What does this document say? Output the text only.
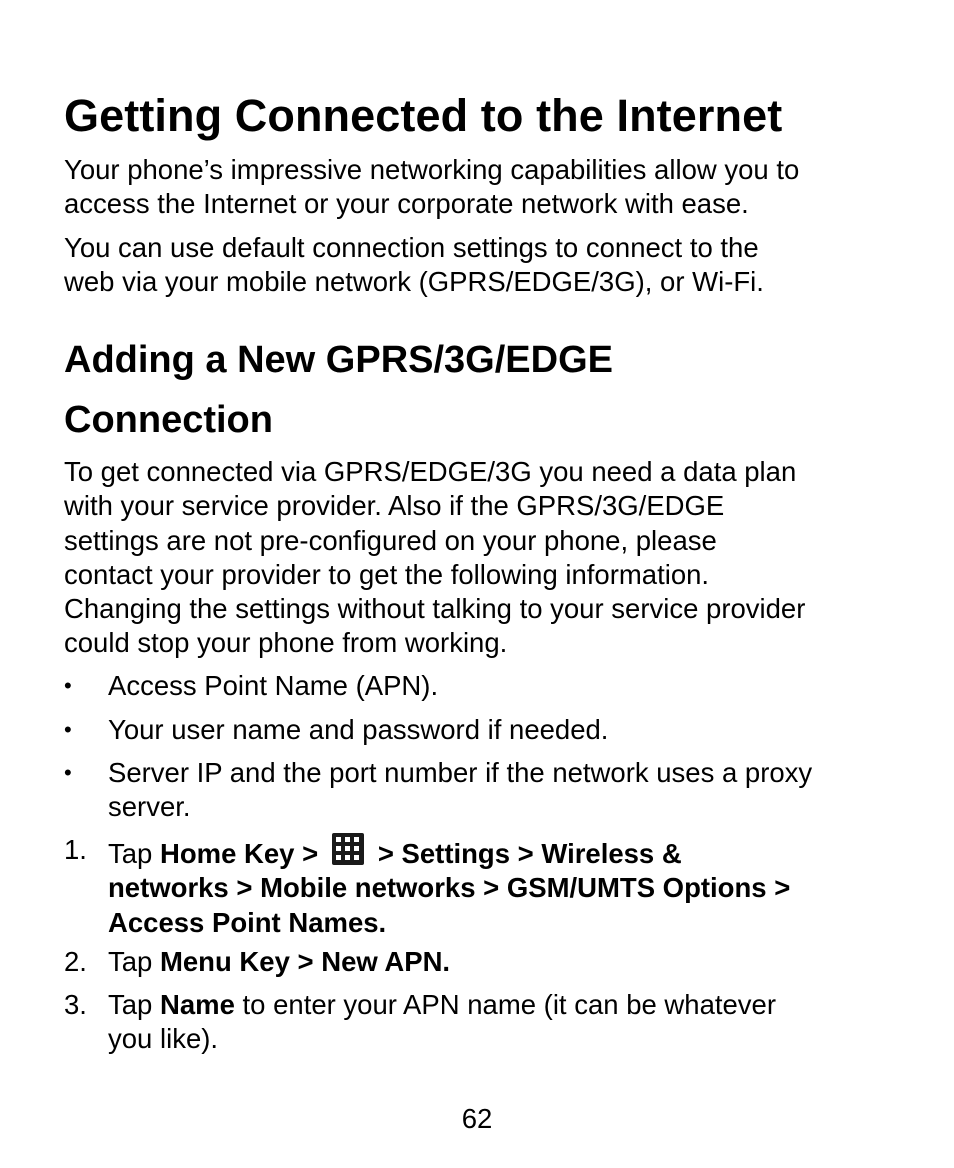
Getting Connected to the Internet

Your phone’s impressive networking capabilities allow you to
access the Internet or your corporate network with ease.

You can use default connection settings to connect to the
web via your mobile network (GPRS/EDGE/3G), or Wi-Fi.

Adding a New GPRS/3G/EDGE
Connection

To get connected via GPRS/EDGE/3G you need a data plan
with your service provider. Also if the GPRS/3G/EDGE
settings are not pre-configured on your phone, please
contact your provider to get the following information.
Changing the settings without talking to your service provider
could stop your phone from working.

• Access Point Name (APN).
• Your user name and password if needed.
• Server IP and the port number if the network uses a proxy
server.
1. Tap Home Key >
> Settings > Wireless &
networks > Mobile networks > GSM/UMTS Options >
Access Point Names.
2. Tap Menu Key > New APN.
3. Tap Name to enter your APN name (it can be whatever
you like).
62
